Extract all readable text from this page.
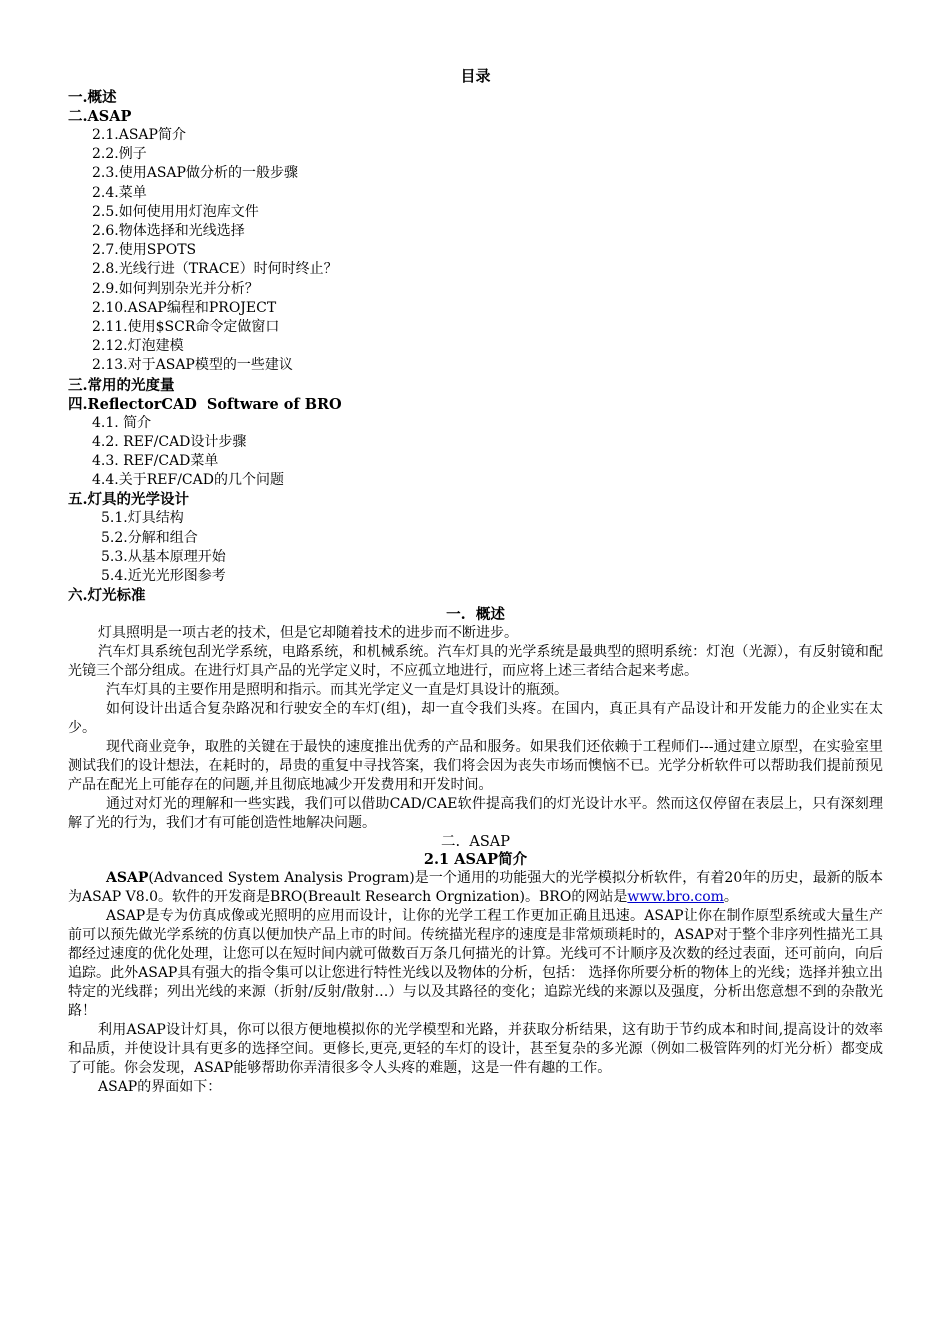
目录
一.概述
二.ASAP
2.1.ASAP简介
2.2.例子
2.3.使用ASAP做分析的一般步骤
2.4.菜单
2.5.如何使用用灯泡库文件
2.6.物体选择和光线选择
2.7.使用SPOTS
2.8.光线行进（TRACE）时何时终止？
2.9.如何判别杂光并分析？
2.10.ASAP编程和PROJECT
2.11.使用$SCR命令定做窗口
2.12.灯泡建模
2.13.对于ASAP模型的一些建议
三.常用的光度量
四.ReflectorCAD  Software of BRO
4.1. 简介
4.2. REF/CAD设计步骤
4.3. REF/CAD菜单
4.4.关于REF/CAD的几个问题
五.灯具的光学设计
5.1.灯具结构
5.2.分解和组合
5.3.从基本原理开始
5.4.近光光形图参考
六.灯光标准
一.  概述

灯具照明是一项古老的技术，但是它却随着技术的进步而不断进步。

汽车灯具系统包刮光学系统，电路系统，和机械系统。汽车灯具的光学系统是最典型的照明系统：灯泡（光源），有反射镜和配光镜三个部分组成。在进行灯具产品的光学定义时，不应孤立地进行，而应将上述三者结合起来考虑。

汽车灯具的主要作用是照明和指示。而其光学定义一直是灯具设计的瓶颈。

如何设计出适合复杂路况和行驶安全的车灯(组)，却一直令我们头疼。在国内，真正具有产品设计和开发能力的企业实在太少。

现代商业竞争，取胜的关键在于最快的速度推出优秀的产品和服务。如果我们还依赖于工程师们---通过建立原型，在实验室里测试我们的设计想法，在耗时的，昂贵的重复中寻找答案，我们将会因为丧失市场而懊恼不已。光学分析软件可以帮助我们提前预见产品在配光上可能存在的问题,并且彻底地减少开发费用和开发时间。

通过对灯光的理解和一些实践，我们可以借助CAD/CAE软件提高我们的灯光设计水平。然而这仅停留在表层上，只有深刻理解了光的行为，我们才有可能创造性地解决问题。

二.  ASAP
2.1 ASAP简介

ASAP(Advanced System Analysis Program)是一个通用的功能强大的光学模拟分析软件，有着20年的历史，最新的版本为ASAP V8.0。软件的开发商是BRO(Breault Research Orgnization)。BRO的网站是www.bro.com。

ASAP是专为仿真成像或光照明的应用而设计，让你的光学工程工作更加正确且迅速。ASAP让你在制作原型系统或大量生产前可以预先做光学系统的仿真以便加快产品上市的时间。传统描光程序的速度是非常烦琐耗时的，ASAP对于整个非序列性描光工具都经过速度的优化处理，让您可以在短时间内就可做数百万条几何描光的计算。光线可不计顺序及次数的经过表面，还可前向，向后追踪。此外ASAP具有强大的指令集可以让您进行特性光线以及物体的分析，包括： 选择你所要分析的物体上的光线；选择并独立出特定的光线群；列出光线的来源（折射/反射/散射…）与以及其路径的变化；追踪光线的来源以及强度，分析出您意想不到的杂散光路！

利用ASAP设计灯具，你可以很方便地模拟你的光学模型和光路，并获取分析结果，这有助于节约成本和时间,提高设计的效率和品质，并使设计具有更多的选择空间。更修长,更亮,更轻的车灯的设计，甚至复杂的多光源（例如二极管阵列的灯光分析）都变成了可能。你会发现，ASAP能够帮助你弄清很多令人头疼的难题，这是一件有趣的工作。

ASAP的界面如下：
